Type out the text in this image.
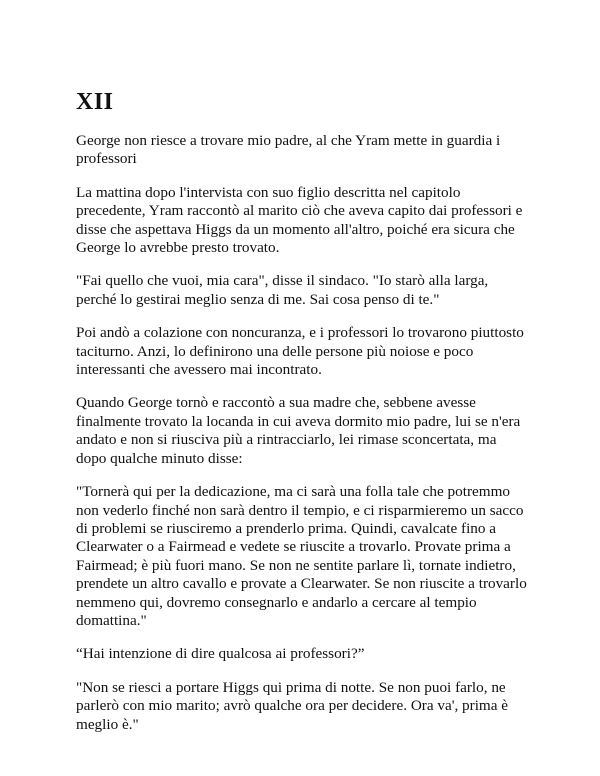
XII

George non riesce a trovare mio padre, al che Yram mette in guardia i professori

La mattina dopo l'intervista con suo figlio descritta nel capitolo precedente, Yram raccontò al marito ciò che aveva capito dai professori e disse che aspettava Higgs da un momento all'altro, poiché era sicura che George lo avrebbe presto trovato.

"Fai quello che vuoi, mia cara", disse il sindaco. "Io starò alla larga, perché lo gestirai meglio senza di me. Sai cosa penso di te."

Poi andò a colazione con noncuranza, e i professori lo trovarono piuttosto taciturno. Anzi, lo definirono una delle persone più noiose e poco interessanti che avessero mai incontrato.

Quando George tornò e raccontò a sua madre che, sebbene avesse finalmente trovato la locanda in cui aveva dormito mio padre, lui se n'era andato e non si riusciva più a rintracciarlo, lei rimase sconcertata, ma dopo qualche minuto disse:

"Tornerà qui per la dedicazione, ma ci sarà una folla tale che potremmo non vederlo finché non sarà dentro il tempio, e ci risparmieremo un sacco di problemi se riusciremo a prenderlo prima. Quindi, cavalcate fino a Clearwater o a Fairmead e vedete se riuscite a trovarlo. Provate prima a Fairmead; è più fuori mano. Se non ne sentite parlare lì, tornate indietro, prendete un altro cavallo e provate a Clearwater. Se non riuscite a trovarlo nemmeno qui, dovremo consegnarlo e andarlo a cercare al tempio domattina."

“Hai intenzione di dire qualcosa ai professori?”

"Non se riesci a portare Higgs qui prima di notte. Se non puoi farlo, ne parlerò con mio marito; avrò qualche ora per decidere. Ora va', prima è meglio è."
